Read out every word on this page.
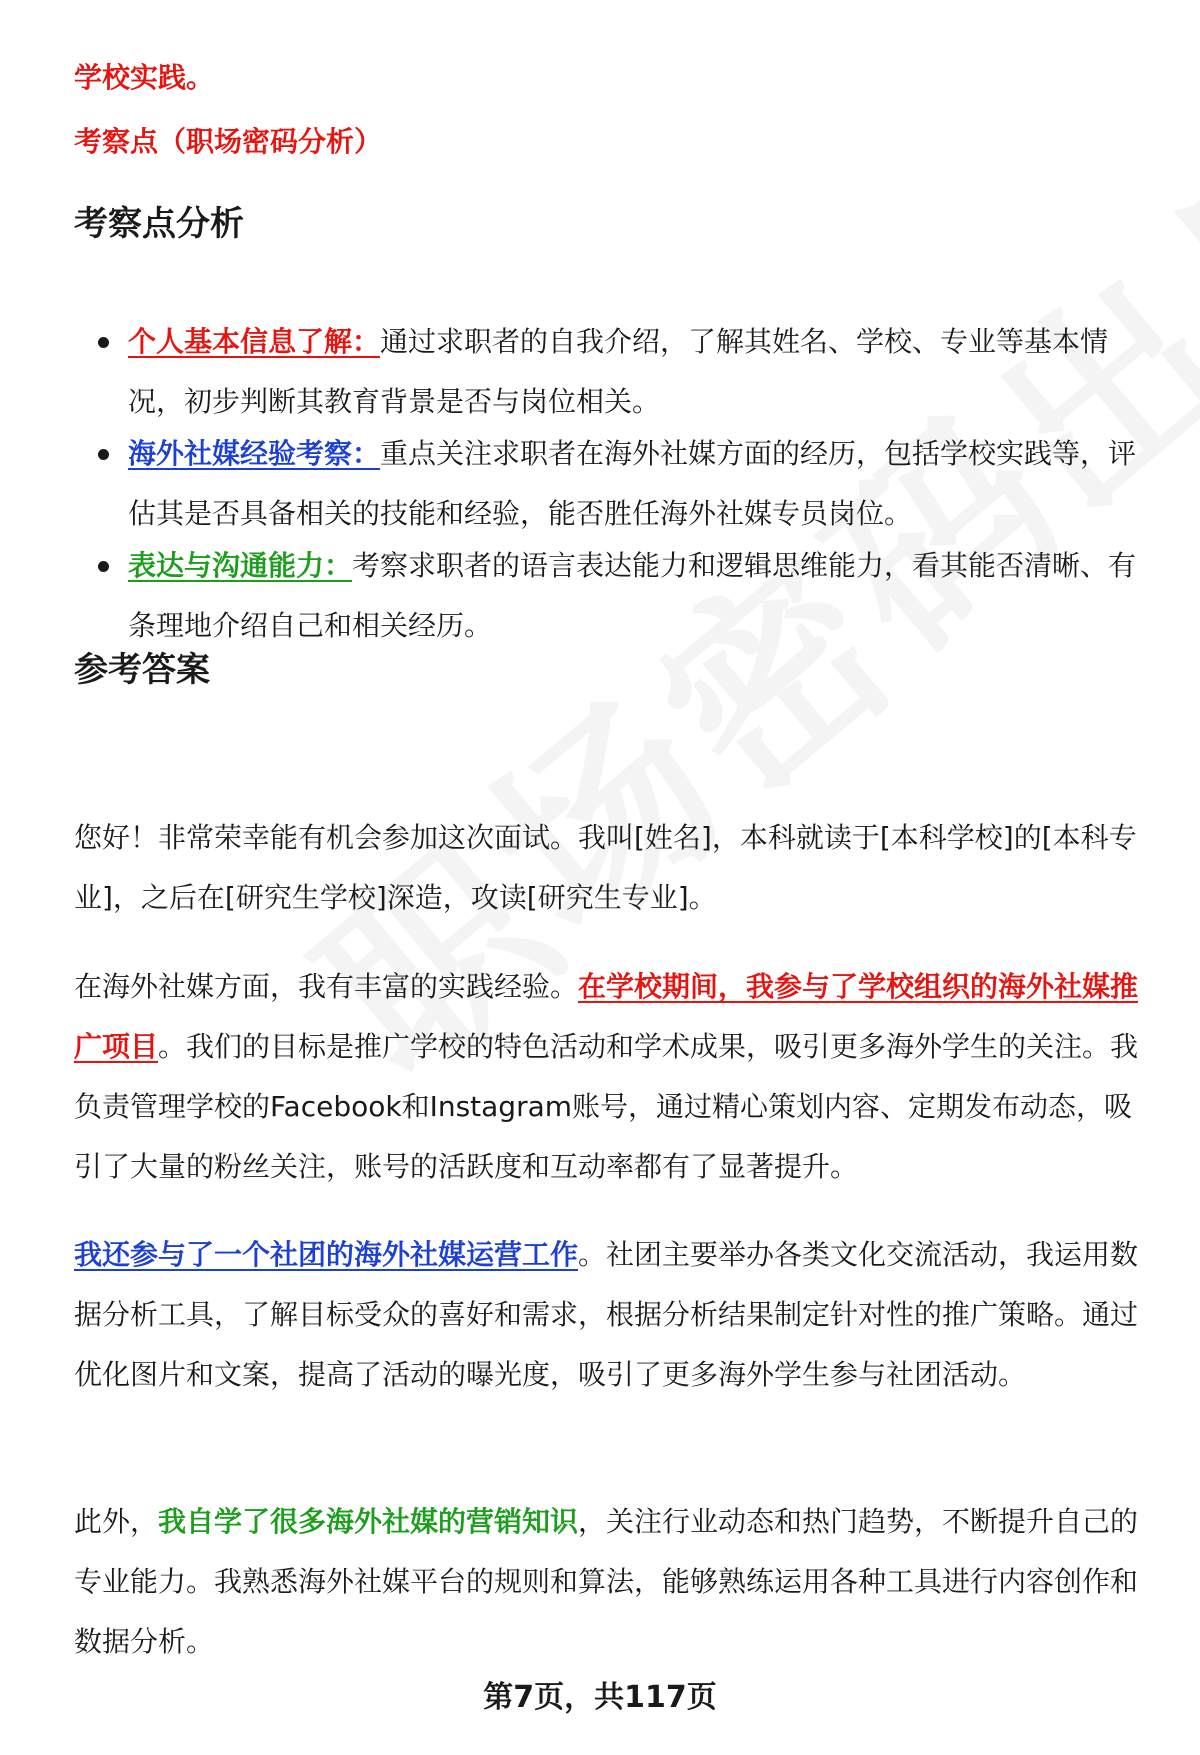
学校实践。
考察点（职场密码分析）
考察点分析
个人基本信息了解：通过求职者的自我介绍，了解其姓名、学校、专业等基本情况，初步判断其教育背景是否与岗位相关。
海外社媒经验考察：重点关注求职者在海外社媒方面的经历，包括学校实践等，评估其是否具备相关的技能和经验，能否胜任海外社媒专员岗位。
表达与沟通能力：考察求职者的语言表达能力和逻辑思维能力，看其能否清晰、有条理地介绍自己和相关经历。
参考答案
您好！非常荣幸能有机会参加这次面试。我叫[姓名]，本科就读于[本科学校]的[本科专业]，之后在[研究生学校]深造，攻读[研究生专业]。
在海外社媒方面，我有丰富的实践经验。在学校期间，我参与了学校组织的海外社媒推广项目。我们的目标是推广学校的特色活动和学术成果，吸引更多海外学生的关注。我负责管理学校的Facebook和Instagram账号，通过精心策划内容、定期发布动态，吸引了大量的粉丝关注，账号的活跃度和互动率都有了显著提升。
我还参与了一个社团的海外社媒运营工作。社团主要举办各类文化交流活动，我运用数据分析工具，了解目标受众的喜好和需求，根据分析结果制定针对性的推广策略。通过优化图片和文案，提高了活动的曝光度，吸引了更多海外学生参与社团活动。
此外，我自学了很多海外社媒的营销知识，关注行业动态和热门趋势，不断提升自己的专业能力。我熟悉海外社媒平台的规则和算法，能够熟练运用各种工具进行内容创作和数据分析。
第7页，共117页
